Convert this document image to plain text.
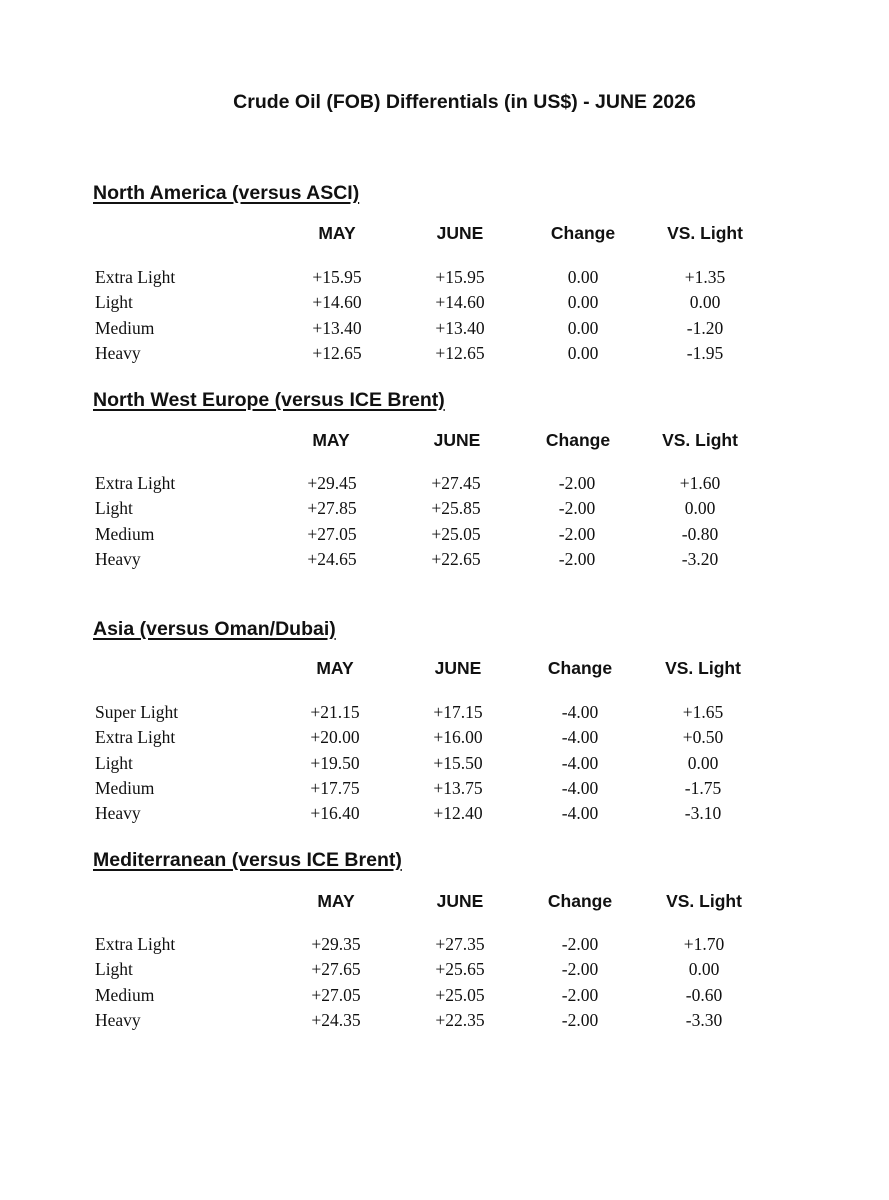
Crude Oil (FOB) Differentials (in US$) - JUNE 2026
North America (versus ASCI)
MAY	JUNE	Change	VS. Light
Extra Light	+15.95	+15.95	0.00	+1.35
Light	+14.60	+14.60	0.00	0.00
Medium	+13.40	+13.40	0.00	-1.20
Heavy	+12.65	+12.65	0.00	-1.95
North West Europe (versus ICE Brent)
MAY	JUNE	Change	VS. Light
Extra Light	+29.45	+27.45	-2.00	+1.60
Light	+27.85	+25.85	-2.00	0.00
Medium	+27.05	+25.05	-2.00	-0.80
Heavy	+24.65	+22.65	-2.00	-3.20
Asia (versus Oman/Dubai)
MAY	JUNE	Change	VS. Light
Super Light	+21.15	+17.15	-4.00	+1.65
Extra Light	+20.00	+16.00	-4.00	+0.50
Light	+19.50	+15.50	-4.00	0.00
Medium	+17.75	+13.75	-4.00	-1.75
Heavy	+16.40	+12.40	-4.00	-3.10
Mediterranean (versus ICE Brent)
MAY	JUNE	Change	VS. Light
Extra Light	+29.35	+27.35	-2.00	+1.70
Light	+27.65	+25.65	-2.00	0.00
Medium	+27.05	+25.05	-2.00	-0.60
Heavy	+24.35	+22.35	-2.00	-3.30
